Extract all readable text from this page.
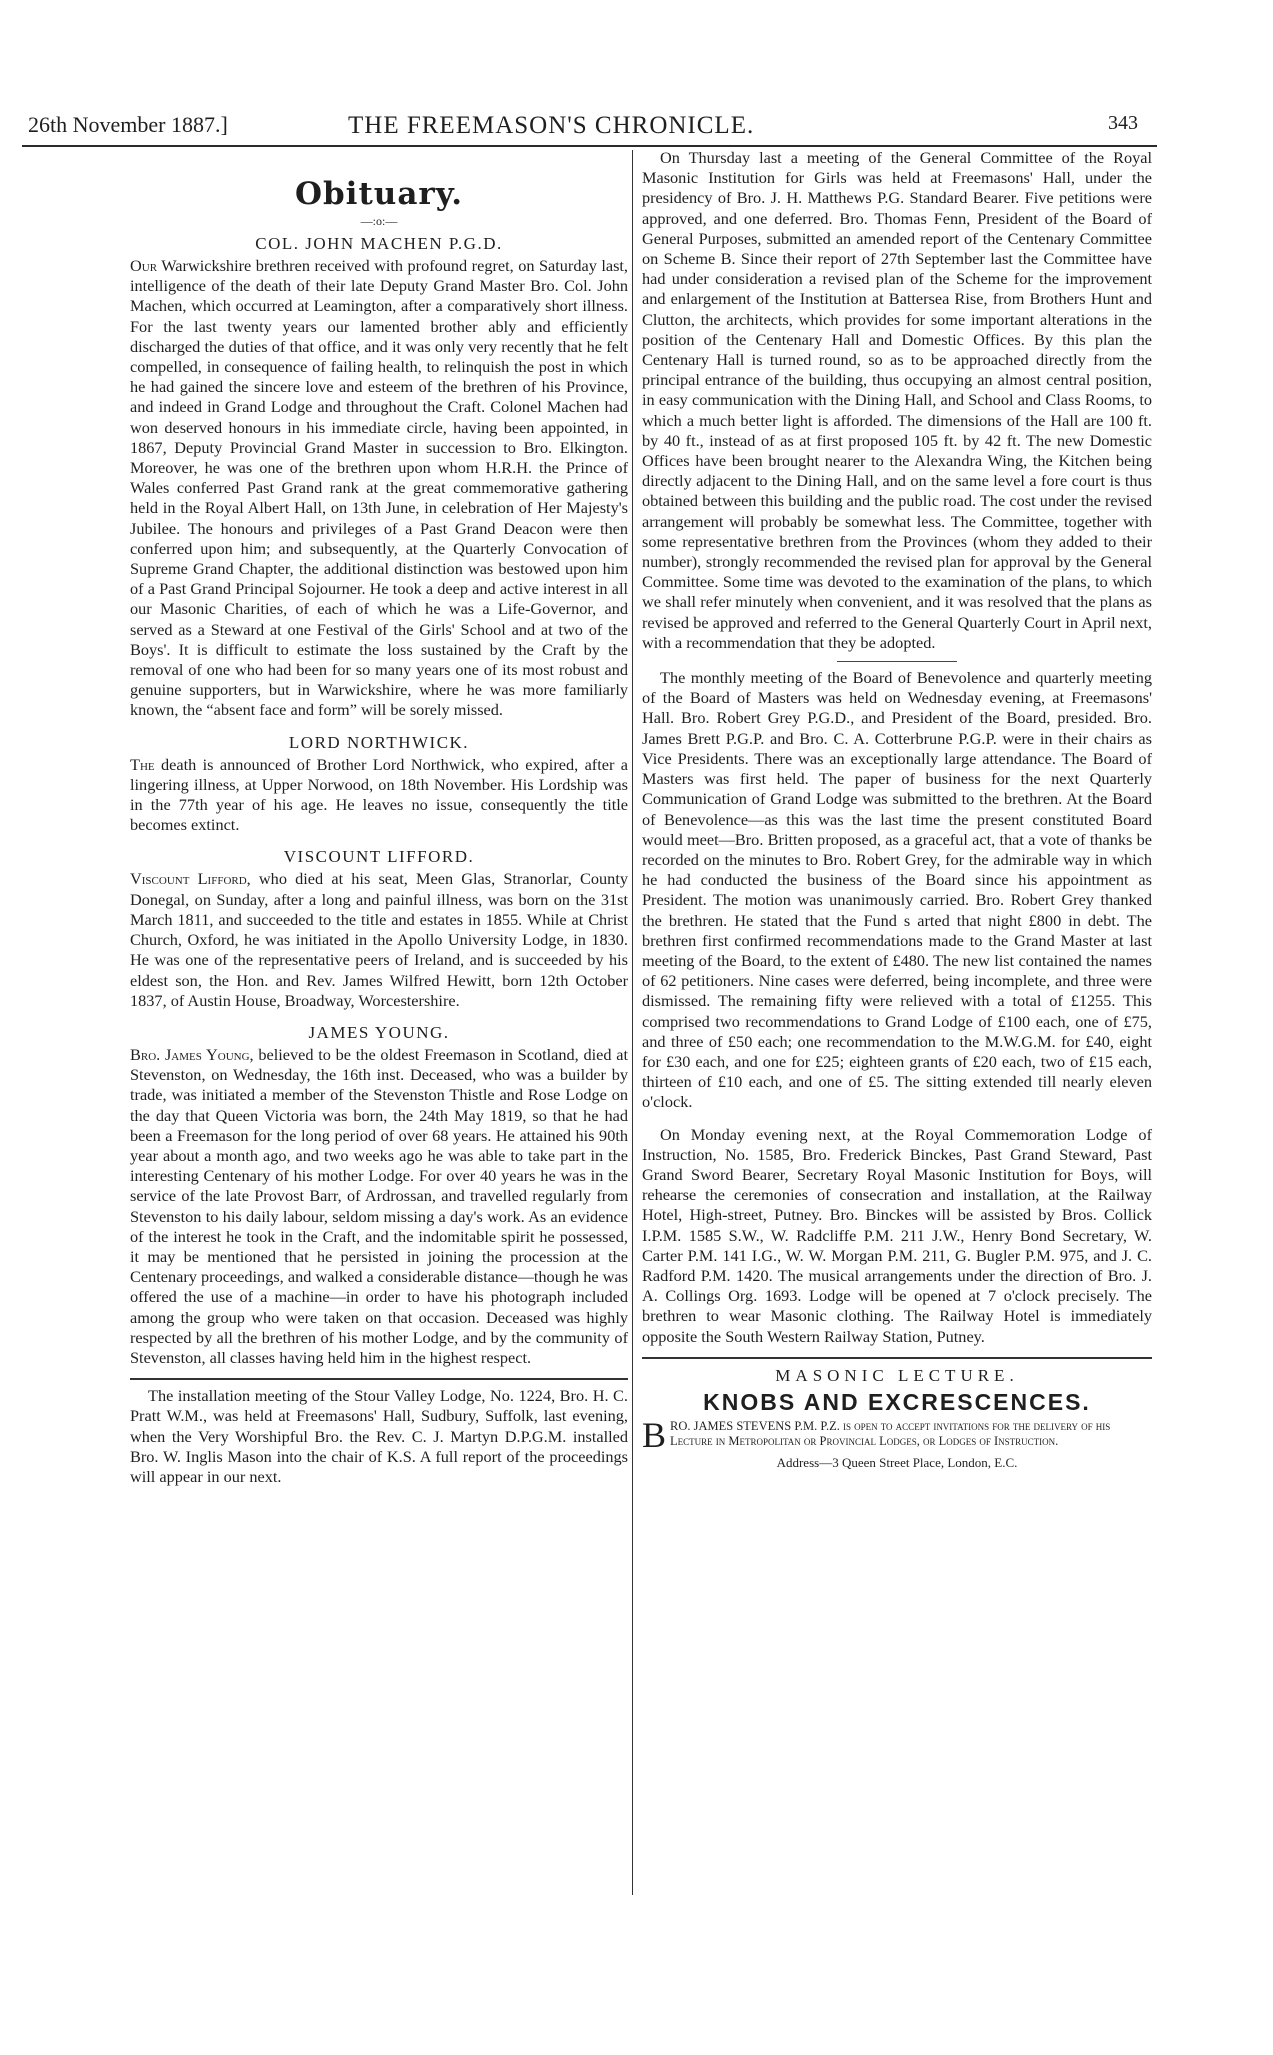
26th November 1887.]	THE FREEMASON'S CHRONICLE.	343
Obituary.
—:o:—
COL. JOHN MACHEN P.G.D.

Our Warwickshire brethren received with profound regret, on Saturday last, intelligence of the death of their late Deputy Grand Master Bro. Col. John Machen, which occurred at Leamington, after a comparatively short illness. For the last twenty years our lamented brother ably and efficiently discharged the duties of that office, and it was only very recently that he felt compelled, in consequence of failing health, to relinquish the post in which he had gained the sincere love and esteem of the brethren of his Province, and indeed in Grand Lodge and throughout the Craft. Colonel Machen had won deserved honours in his immediate circle, having been appointed, in 1867, Deputy Provincial Grand Master in succession to Bro. Elkington. Moreover, he was one of the brethren upon whom H.R.H. the Prince of Wales conferred Past Grand rank at the great commemorative gathering held in the Royal Albert Hall, on 13th June, in celebration of Her Majesty's Jubilee. The honours and privileges of a Past Grand Deacon were then conferred upon him; and subsequently, at the Quarterly Convocation of Supreme Grand Chapter, the additional distinction was bestowed upon him of a Past Grand Principal Sojourner. He took a deep and active interest in all our Masonic Charities, of each of which he was a Life-Governor, and served as a Steward at one Festival of the Girls' School and at two of the Boys'. It is difficult to estimate the loss sustained by the Craft by the removal of one who had been for so many years one of its most robust and genuine supporters, but in Warwickshire, where he was more familiarly known, the “absent face and form” will be sorely missed.

LORD NORTHWICK.

The death is announced of Brother Lord Northwick, who expired, after a lingering illness, at Upper Norwood, on 18th November. His Lordship was in the 77th year of his age. He leaves no issue, consequently the title becomes extinct.

VISCOUNT LIFFORD.

Viscount Lifford, who died at his seat, Meen Glas, Stranorlar, County Donegal, on Sunday, after a long and painful illness, was born on the 31st March 1811, and succeeded to the title and estates in 1855. While at Christ Church, Oxford, he was initiated in the Apollo University Lodge, in 1830. He was one of the representative peers of Ireland, and is succeeded by his eldest son, the Hon. and Rev. James Wilfred Hewitt, born 12th October 1837, of Austin House, Broadway, Worcestershire.

JAMES YOUNG.

Bro. James Young, believed to be the oldest Freemason in Scotland, died at Stevenston, on Wednesday, the 16th inst. Deceased, who was a builder by trade, was initiated a member of the Stevenston Thistle and Rose Lodge on the day that Queen Victoria was born, the 24th May 1819, so that he had been a Freemason for the long period of over 68 years. He attained his 90th year about a month ago, and two weeks ago he was able to take part in the interesting Centenary of his mother Lodge. For over 40 years he was in the service of the late Provost Barr, of Ardrossan, and travelled regularly from Stevenston to his daily labour, seldom missing a day's work. As an evidence of the interest he took in the Craft, and the indomitable spirit he possessed, it may be mentioned that he persisted in joining the procession at the Centenary proceedings, and walked a considerable distance—though he was offered the use of a machine—in order to have his photograph included among the group who were taken on that occasion. Deceased was highly respected by all the brethren of his mother Lodge, and by the community of Stevenston, all classes having held him in the highest respect.

The installation meeting of the Stour Valley Lodge, No. 1224, Bro. H. C. Pratt W.M., was held at Freemasons' Hall, Sudbury, Suffolk, last evening, when the Very Worshipful Bro. the Rev. C. J. Martyn D.P.G.M. installed Bro. W. Inglis Mason into the chair of K.S. A full report of the proceedings will appear in our next.

On Thursday last a meeting of the General Committee of the Royal Masonic Institution for Girls was held at Freemasons' Hall, under the presidency of Bro. J. H. Matthews P.G. Standard Bearer. Five petitions were approved, and one deferred. Bro. Thomas Fenn, President of the Board of General Purposes, submitted an amended report of the Centenary Committee on Scheme B. Since their report of 27th September last the Committee have had under consideration a revised plan of the Scheme for the improvement and enlargement of the Institution at Battersea Rise, from Brothers Hunt and Clutton, the architects, which provides for some important alterations in the position of the Centenary Hall and Domestic Offices. By this plan the Centenary Hall is turned round, so as to be approached directly from the principal entrance of the building, thus occupying an almost central position, in easy communication with the Dining Hall, and School and Class Rooms, to which a much better light is afforded. The dimensions of the Hall are 100 ft. by 40 ft., instead of as at first proposed 105 ft. by 42 ft. The new Domestic Offices have been brought nearer to the Alexandra Wing, the Kitchen being directly adjacent to the Dining Hall, and on the same level a fore court is thus obtained between this building and the public road. The cost under the revised arrangement will probably be somewhat less. The Committee, together with some representative brethren from the Provinces (whom they added to their number), strongly recommended the revised plan for approval by the General Committee. Some time was devoted to the examination of the plans, to which we shall refer minutely when convenient, and it was resolved that the plans as revised be approved and referred to the General Quarterly Court in April next, with a recommendation that they be adopted.

The monthly meeting of the Board of Benevolence and quarterly meeting of the Board of Masters was held on Wednesday evening, at Freemasons' Hall. Bro. Robert Grey P.G.D., and President of the Board, presided. Bro. James Brett P.G.P. and Bro. C. A. Cotterbrune P.G.P. were in their chairs as Vice Presidents. There was an exceptionally large attendance. The Board of Masters was first held. The paper of business for the next Quarterly Communication of Grand Lodge was submitted to the brethren. At the Board of Benevolence—as this was the last time the present constituted Board would meet—Bro. Britten proposed, as a graceful act, that a vote of thanks be recorded on the minutes to Bro. Robert Grey, for the admirable way in which he had conducted the business of the Board since his appointment as President. The motion was unanimously carried. Bro. Robert Grey thanked the brethren. He stated that the Fund s arted that night £800 in debt. The brethren first confirmed recommendations made to the Grand Master at last meeting of the Board, to the extent of £480. The new list contained the names of 62 petitioners. Nine cases were deferred, being incomplete, and three were dismissed. The remaining fifty were relieved with a total of £1255. This comprised two recommendations to Grand Lodge of £100 each, one of £75, and three of £50 each; one recommendation to the M.W.G.M. for £40, eight for £30 each, and one for £25; eighteen grants of £20 each, two of £15 each, thirteen of £10 each, and one of £5. The sitting extended till nearly eleven o'clock.

On Monday evening next, at the Royal Commemoration Lodge of Instruction, No. 1585, Bro. Frederick Binckes, Past Grand Steward, Past Grand Sword Bearer, Secretary Royal Masonic Institution for Boys, will rehearse the ceremonies of consecration and installation, at the Railway Hotel, High-street, Putney. Bro. Binckes will be assisted by Bros. Collick I.P.M. 1585 S.W., W. Radcliffe P.M. 211 J.W., Henry Bond Secretary, W. Carter P.M. 141 I.G., W. W. Morgan P.M. 211, G. Bugler P.M. 975, and J. C. Radford P.M. 1420. The musical arrangements under the direction of Bro. J. A. Collings Org. 1693. Lodge will be opened at 7 o'clock precisely. The brethren to wear Masonic clothing. The Railway Hotel is immediately opposite the South Western Railway Station, Putney.

MASONIC LECTURE.
KNOBS AND EXCRESCENCES.
BRO. JAMES STEVENS P.M. P.Z. is open to accept invitations for the delivery of his Lecture in Metropolitan or Provincial Lodges, or Lodges of Instruction.
Address—3 Queen Street Place, London, E.C.
